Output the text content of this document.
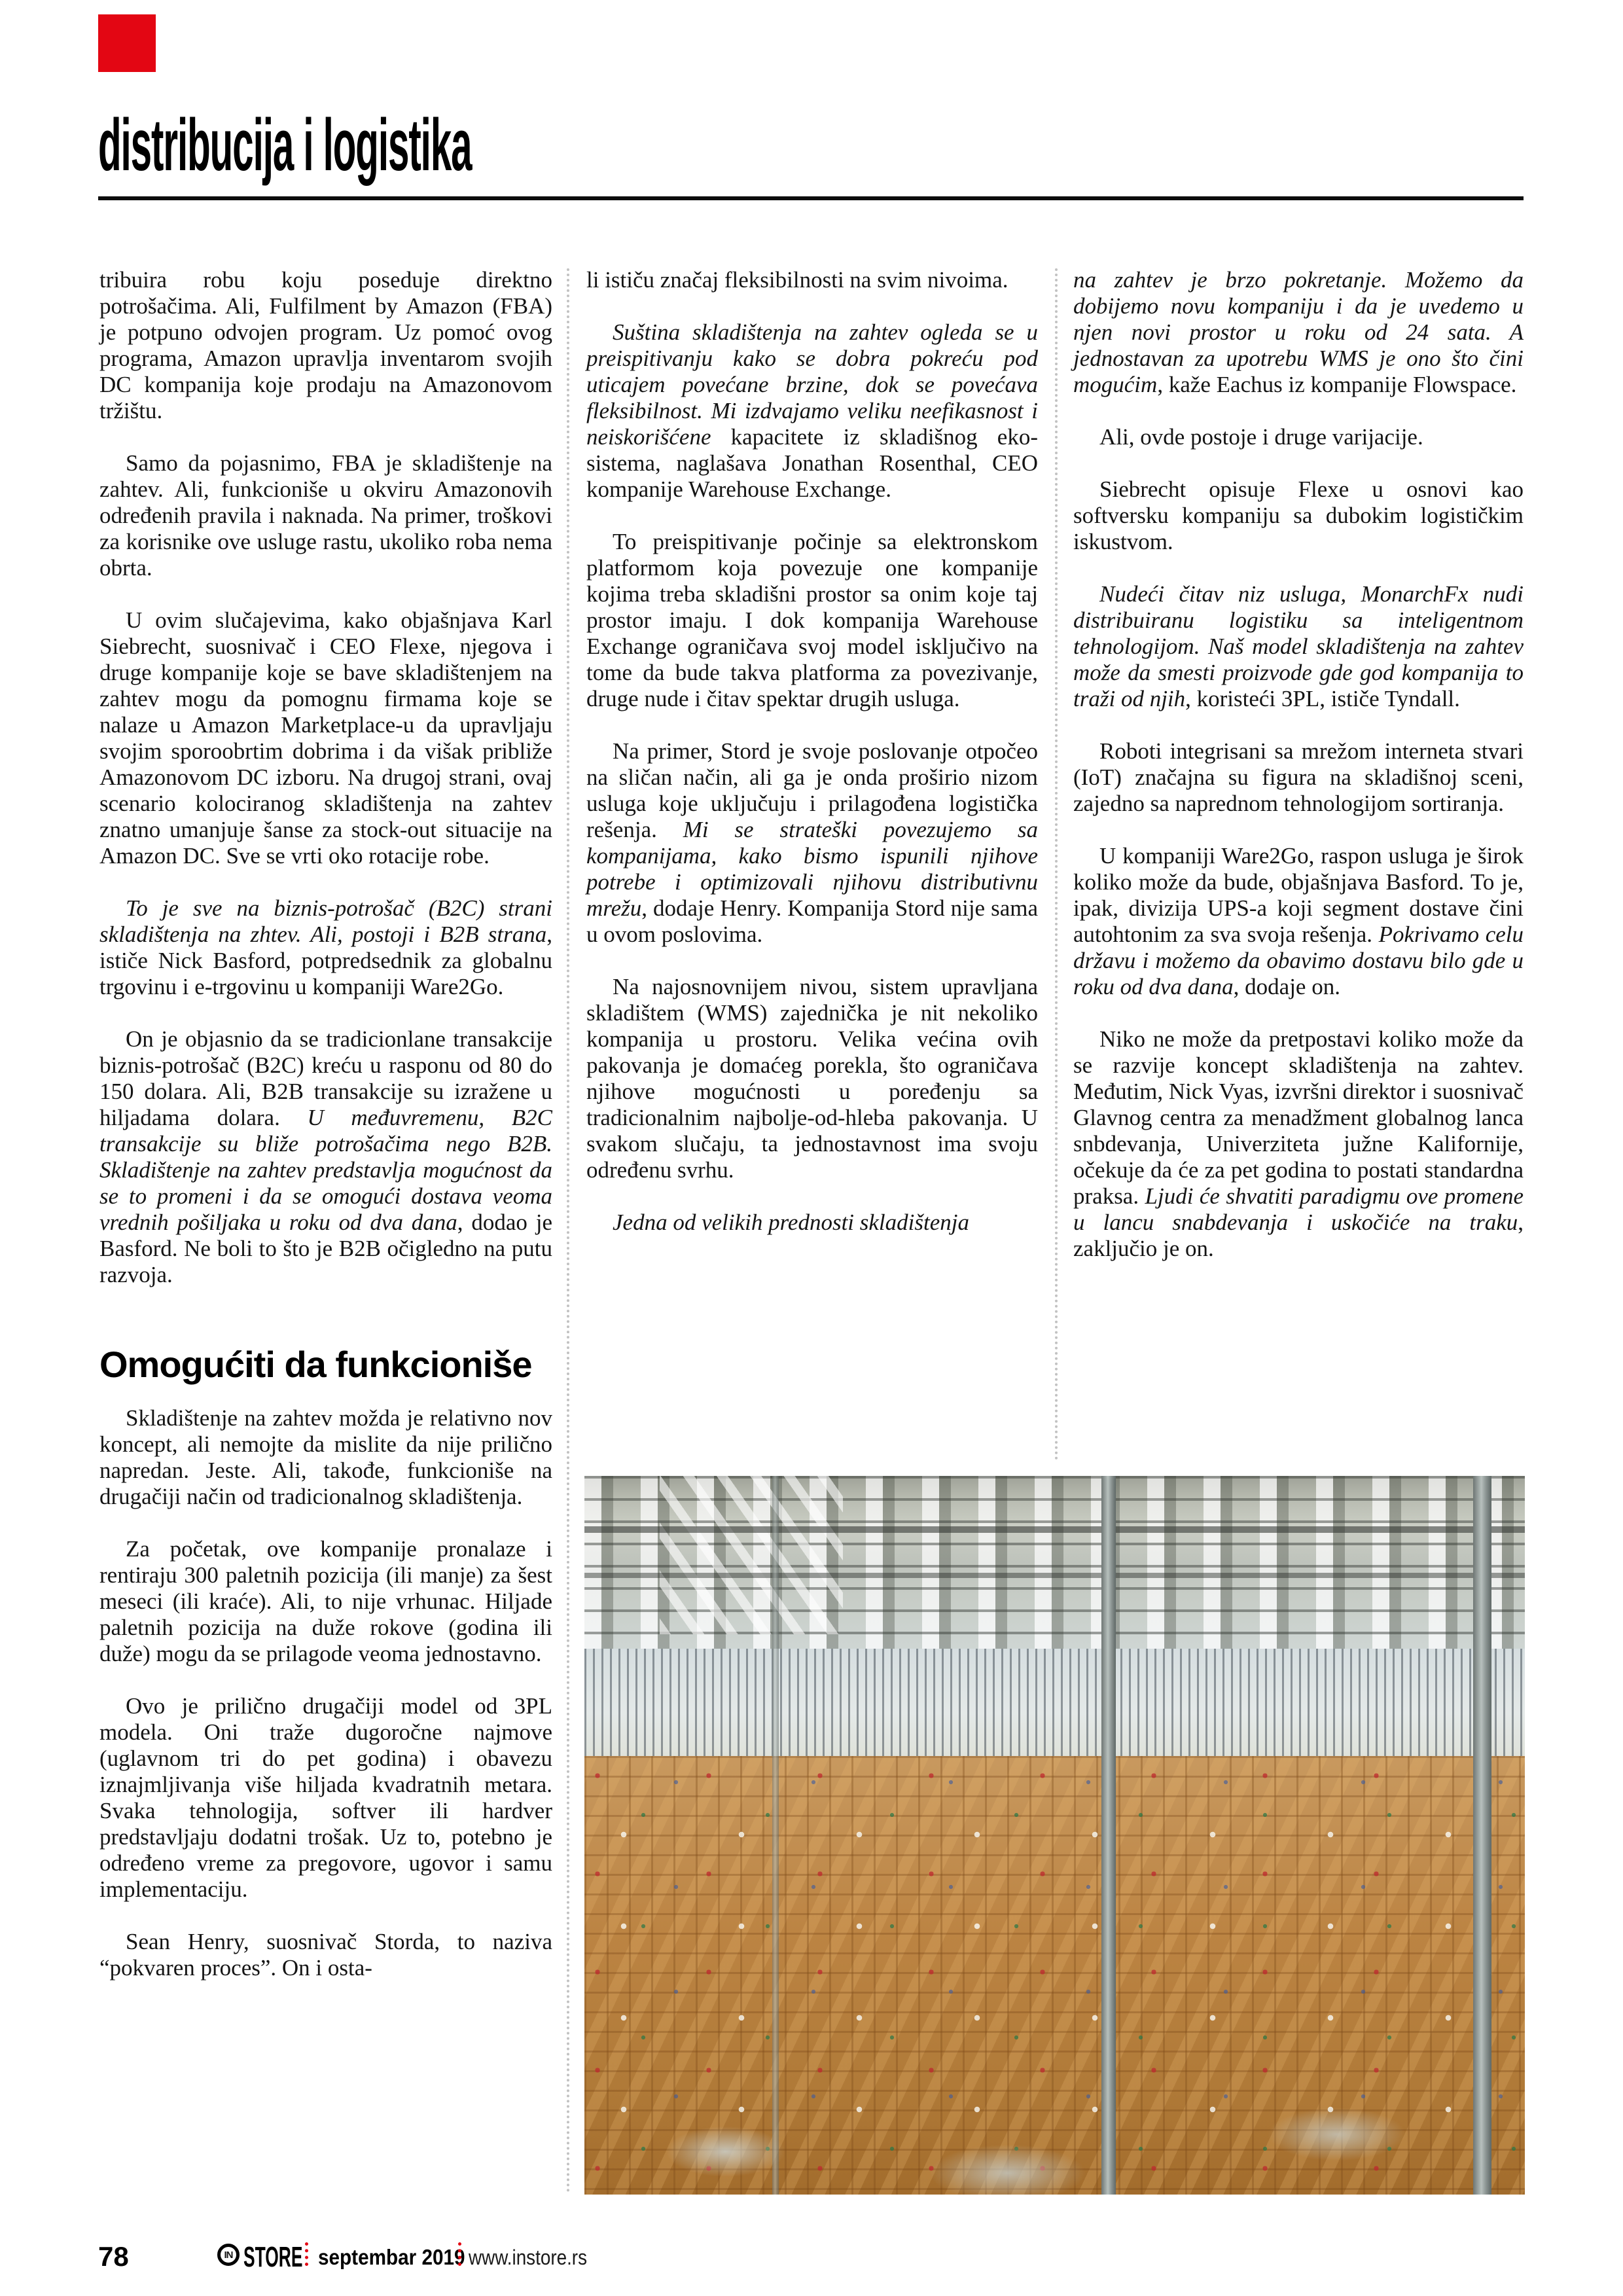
distribucija i logistika

tribuira robu koju poseduje direktno potrošačima. Ali, Fulfilment by Amazon (FBA) je potpuno odvojen program. Uz pomoć ovog programa, Amazon upravlja inventarom svojih DC kompanija koje prodaju na Amazonovom tržištu.

Samo da pojasnimo, FBA je skladištenje na zahtev. Ali, funkcioniše u okviru Amazonovih određenih pravila i naknada. Na primer, troškovi za korisnike ove usluge rastu, ukoliko roba nema obrta.

U ovim slučajevima, kako objašnjava Karl Siebrecht, suosnivač i CEO Flexe, njegova i druge kompanije koje se bave skladištenjem na zahtev mogu da pomognu firmama koje se nalaze u Amazon Marketplace-u da upravljaju svojim sporoobrtim dobrima i da višak približe Amazonovom DC izboru. Na drugoj strani, ovaj scenario kolociranog skladištenja na zahtev znatno umanjuje šanse za stock-out situacije na Amazon DC. Sve se vrti oko rotacije robe.

To je sve na biznis-potrošač (B2C) strani skladištenja na zhtev. Ali, postoji i B2B strana, ističe Nick Basford, potpredsednik za globalnu trgovinu i e-trgovinu u kompaniji Ware2Go.

On je objasnio da se tradicionlane transakcije biznis-potrošač (B2C) kreću u rasponu od 80 do 150 dolara. Ali, B2B transakcije su izražene u hiljadama dolara. U međuvremenu, B2C transakcije su bliže potrošačima nego B2B. Skladištenje na zahtev predstavlja mogućnost da se to promeni i da se omogući dostava veoma vrednih pošiljaka u roku od dva dana, dodao je Basford. Ne boli to što je B2B očigledno na putu razvoja.

Omogućiti da funkcioniše

Skladištenje na zahtev možda je relativno nov koncept, ali nemojte da mislite da nije prilično napredan. Jeste. Ali, takođe, funkcioniše na drugačiji način od tradicionalnog skladištenja.

Za početak, ove kompanije pronalaze i rentiraju 300 paletnih pozicija (ili manje) za šest meseci (ili kraće). Ali, to nije vrhunac. Hiljade paletnih pozicija na duže rokove (godina ili duže) mogu da se prilagode veoma jednostavno.

Ovo je prilično drugačiji model od 3PL modela. Oni traže dugoročne najmove (uglavnom tri do pet godina) i obavezu iznajmljivanja više hiljada kvadratnih metara. Svaka tehnologija, softver ili hardver predstavljaju dodatni trošak. Uz to, potebno je određeno vreme za pregovore, ugovor i samu implementaciju.

Sean Henry, suosnivač Storda, to naziva “pokvaren proces”. On i osta-

li ističu značaj fleksibilnosti na svim nivoima.

Suština skladištenja na zahtev ogleda se u preispitivanju kako se dobra pokreću pod uticajem povećane brzine, dok se povećava fleksibilnost. Mi izdvajamo veliku neefikasnost i neiskorišćene kapacitete iz skladišnog eko-sistema, naglašava Jonathan Rosenthal, CEO kompanije Warehouse Exchange.

To preispitivanje počinje sa elektronskom platformom koja povezuje one kompanije kojima treba skladišni prostor sa onim koje taj prostor imaju. I dok kompanija Warehouse Exchange ograničava svoj model isključivo na tome da bude takva platforma za povezivanje, druge nude i čitav spektar drugih usluga.

Na primer, Stord je svoje poslovanje otpočeo na sličan način, ali ga je onda proširio nizom usluga koje uključuju i prilagođena logistička rešenja. Mi se strateški povezujemo sa kompanijama, kako bismo ispunili njihove potrebe i optimizovali njihovu distributivnu mrežu, dodaje Henry. Kompanija Stord nije sama u ovom poslovima.

Na najosnovnijem nivou, sistem upravljana skladištem (WMS) zajednička je nit nekoliko kompanija u prostoru. Velika većina ovih pakovanja je domaćeg porekla, što ograničava njihove mogućnosti u poređenju sa tradicionalnim najbolje-od-hleba pakovanja. U svakom slučaju, ta jednostavnost ima svoju određenu svrhu.

Jedna od velikih prednosti skladištenja

na zahtev je brzo pokretanje. Možemo da dobijemo novu kompaniju i da je uvedemo u njen novi prostor u roku od 24 sata. A jednostavan za upotrebu WMS je ono što čini mogućim, kaže Eachus iz kompanije Flowspace.

Ali, ovde postoje i druge varijacije.

Siebrecht opisuje Flexe u osnovi kao softversku kompaniju sa dubokim logističkim iskustvom.

Nudeći čitav niz usluga, MonarchFx nudi distribuiranu logistiku sa inteligentnom tehnologijom. Naš model skladištenja na zahtev može da smesti proizvode gde god kompanija to traži od njih, koristeći 3PL, ističe Tyndall.

Roboti integrisani sa mrežom interneta stvari (IoT) značajna su figura na skladišnoj sceni, zajedno sa naprednom tehnologijom sortiranja.

U kompaniji Ware2Go, raspon usluga je širok koliko može da bude, objašnjava Basford. To je, ipak, divizija UPS-a koji segment dostave čini autohtonim za sva svoja rešenja. Pokrivamo celu državu i možemo da obavimo dostavu bilo gde u roku od dva dana, dodaje on.

Niko ne može da pretpostavi koliko može da se razvije koncept skladištenja na zahtev. Međutim, Nick Vyas, izvršni direktor i suosnivač Glavnog centra za menadžment globalnog lanca snbdevanja, Univerziteta južne Kalifornije, očekuje da će za pet godina to postati standardna praksa. Ljudi će shvatiti paradigmu ove promene u lancu snabdevanja i uskočiće na traku, zaključio je on.

78	IN STORE septembar 2019 www.instore.rs
